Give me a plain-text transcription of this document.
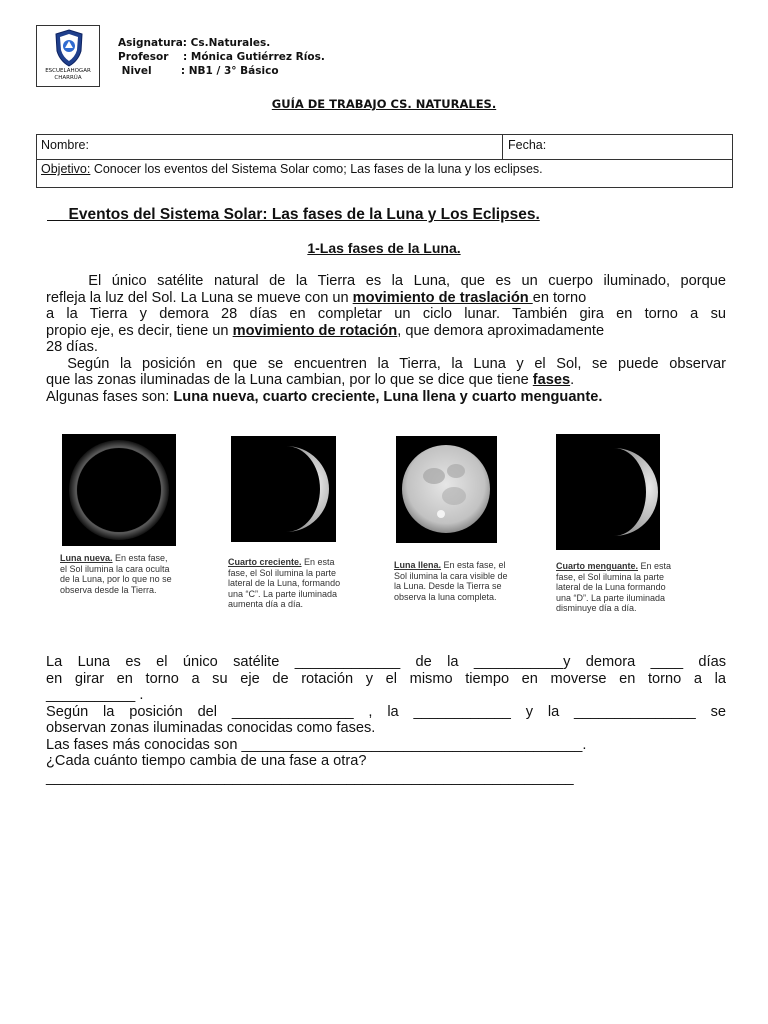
ESCUELAHOGAR
CHARRÚA
Asignatura: Cs.Naturales.
Profesor    : Mónica Gutiérrez Ríos.
Nivel        : NB1 / 3° Básico
GUÍA DE TRABAJO CS. NATURALES.
Nombre:	Fecha:
Objetivo: Conocer los eventos del Sistema Solar como; Las fases de la luna y los eclipses.
Eventos del Sistema Solar: Las fases de la Luna y Los Eclipses.
1-Las fases de la Luna.
El único satélite natural de la Tierra es la Luna, que es un cuerpo iluminado, porque
refleja la luz del Sol. La Luna se mueve con un movimiento de traslación en torno
a la Tierra y demora 28 días en completar un ciclo lunar. También gira en torno a su
propio eje, es decir, tiene un movimiento de rotación, que demora aproximadamente
28 días.
Según la posición en que se encuentren la Tierra, la Luna y el Sol, se puede observar
que las zonas iluminadas de la Luna cambian, por lo que se dice que tiene fases.
Algunas fases son: Luna nueva, cuarto creciente, Luna llena y cuarto menguante.
Luna nueva. En esta fase,
el Sol ilumina la cara oculta
de la Luna, por lo que no se
observa desde la Tierra.
Cuarto creciente. En esta
fase, el Sol ilumina la parte
lateral de la Luna, formando
una “C”. La parte iluminada
aumenta día a día.
Luna llena. En esta fase, el
Sol ilumina la cara visible de
la Luna. Desde la Tierra se
observa la luna completa.
Cuarto menguante. En esta
fase, el Sol ilumina la parte
lateral de la Luna formando
una “D”. La parte iluminada
disminuye día a día.
La Luna es el único satélite _____________ de la ___________y demora ____ días
en girar en torno a su eje de rotación y el mismo tiempo en moverse en torno a la
___________ .
Según la posición del _______________ , la ____________ y la _______________ se
observan zonas iluminadas conocidas como fases.
Las fases más conocidas son __________________________________________.
¿Cada cuánto tiempo cambia de una fase a otra?
_________________________________________________________________
